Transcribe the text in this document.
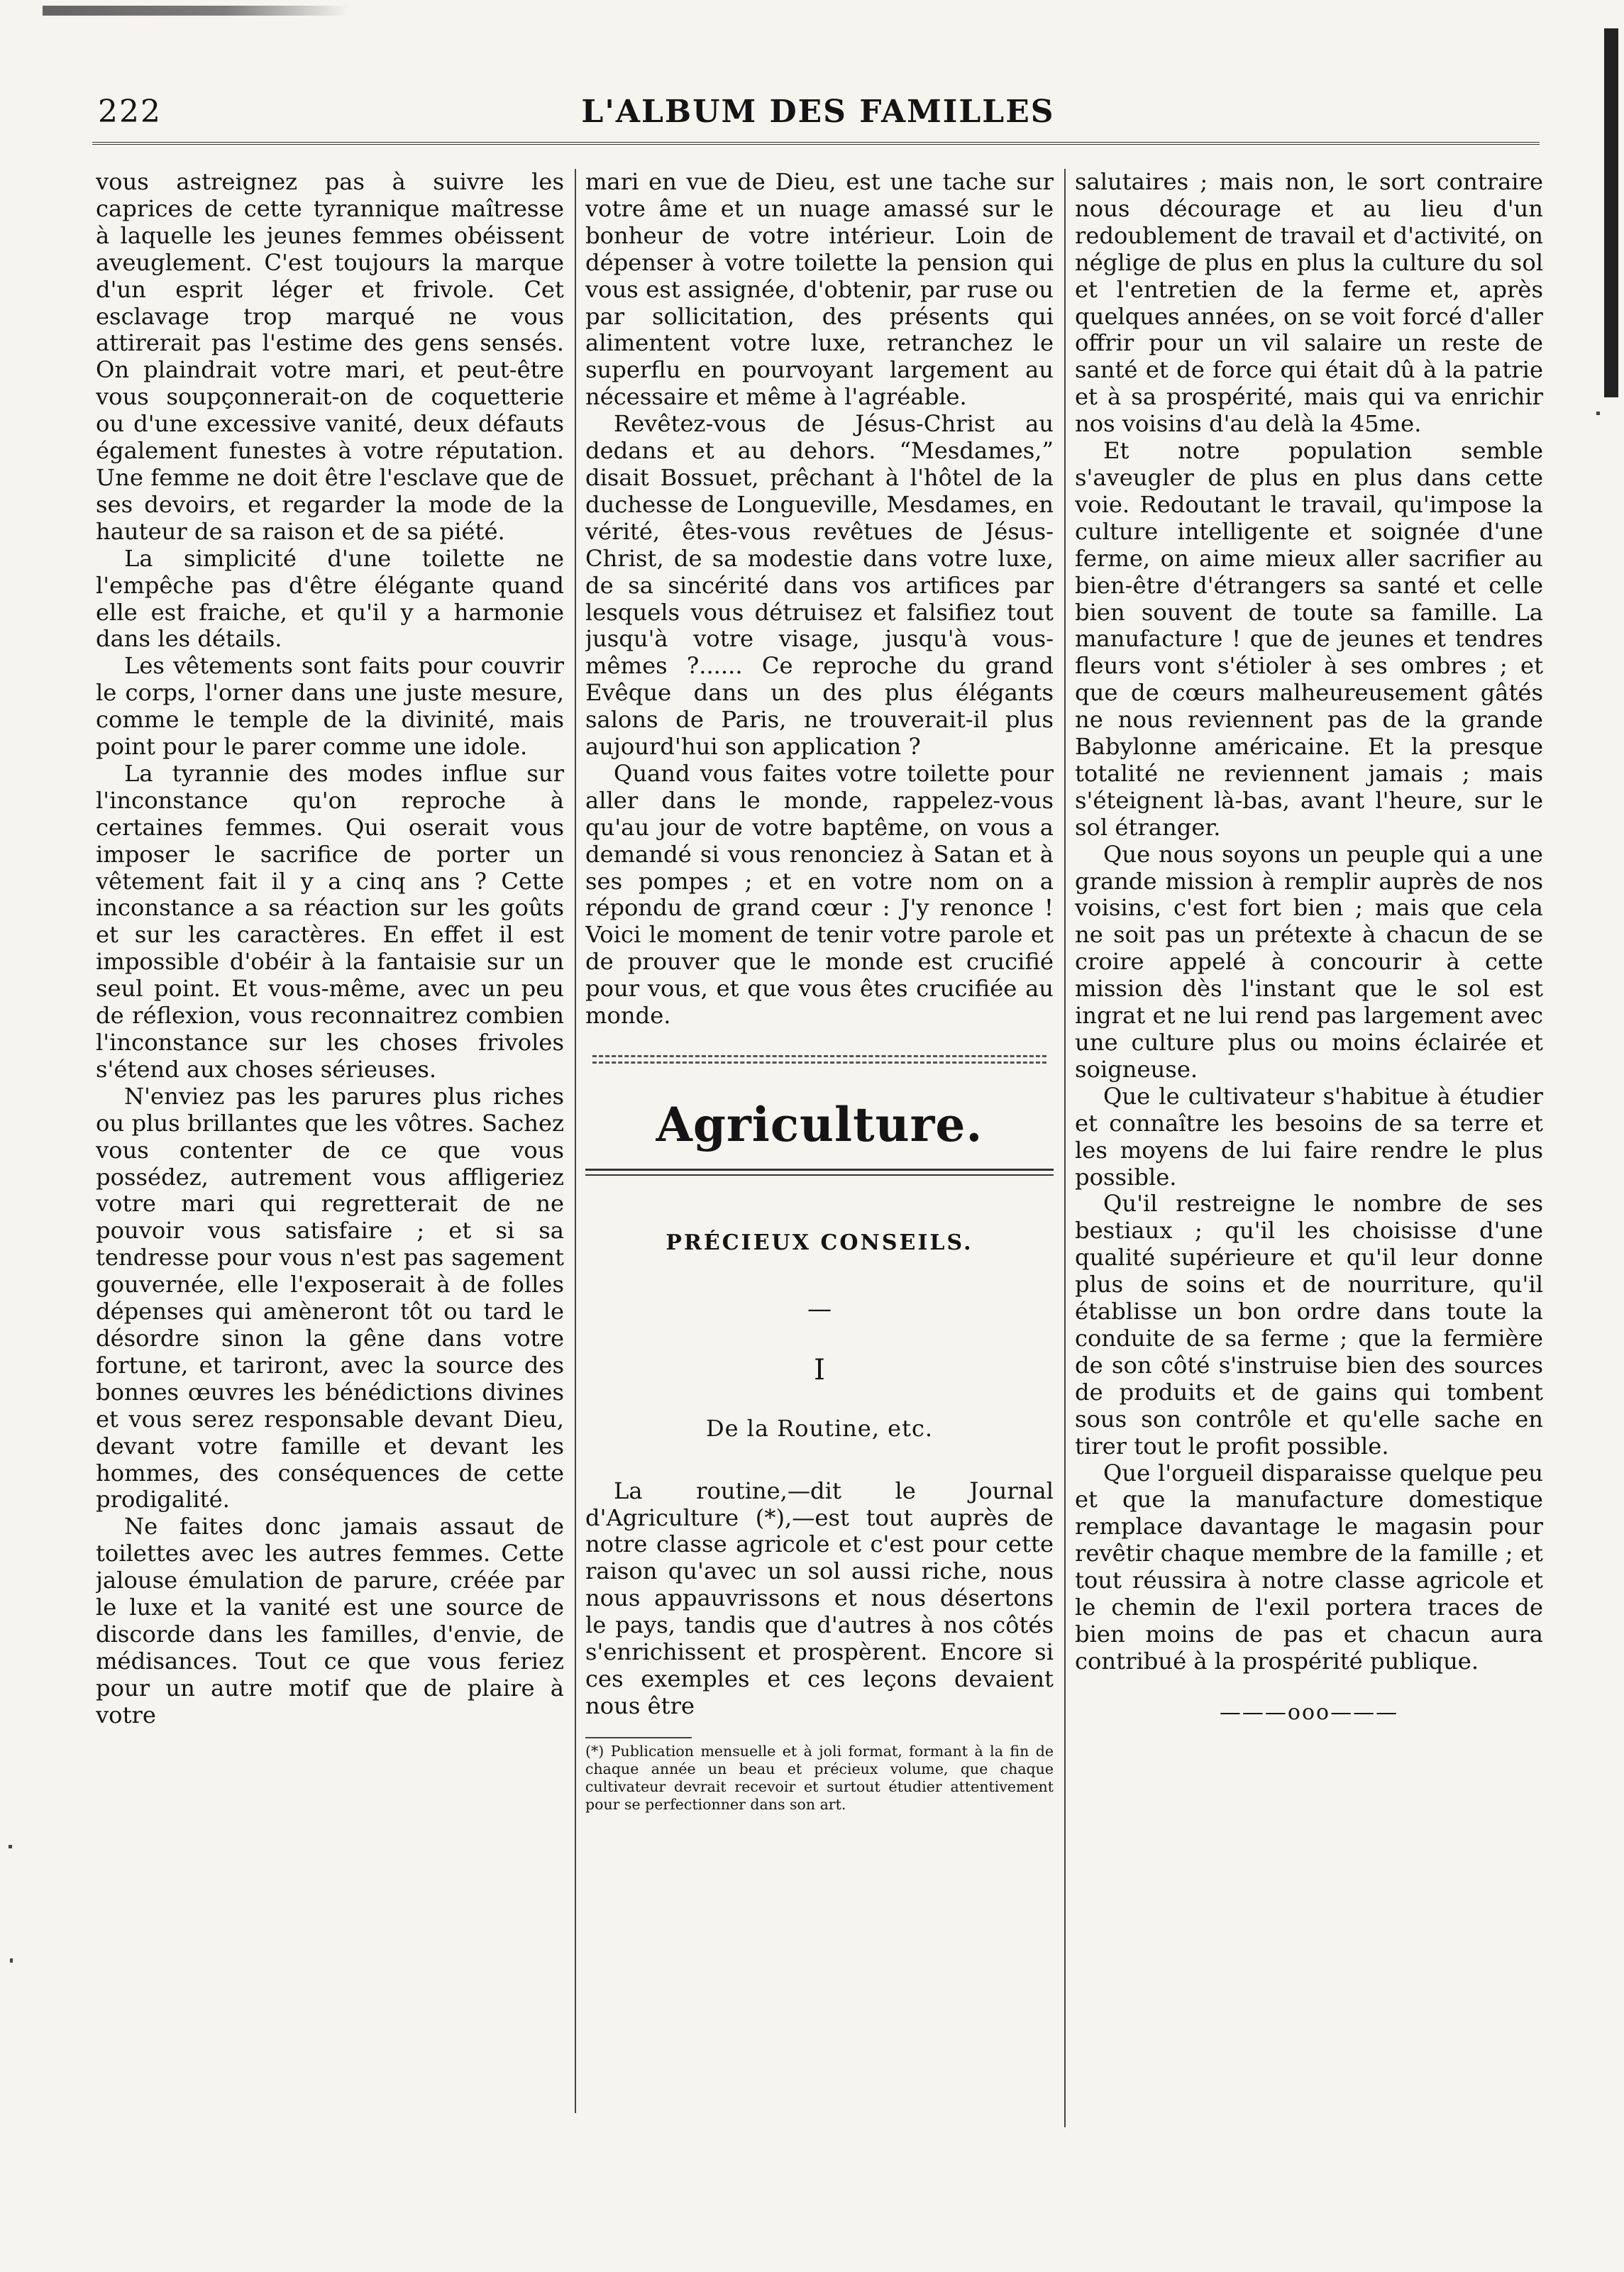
222	L'ALBUM DES FAMILLES

vous astreignez pas à suivre les caprices de cette tyrannique maîtresse à laquelle les jeunes femmes obéissent aveuglement. C'est toujours la marque d'un esprit léger et frivole. Cet esclavage trop marqué ne vous attirerait pas l'estime des gens sensés. On plaindrait votre mari, et peut-être vous soupçonnerait-on de coquetterie ou d'une excessive vanité, deux défauts également funestes à votre réputation. Une femme ne doit être l'esclave que de ses devoirs, et regarder la mode de la hauteur de sa raison et de sa piété.

La simplicité d'une toilette ne l'empêche pas d'être élégante quand elle est fraiche, et qu'il y a harmonie dans les détails.

Les vêtements sont faits pour couvrir le corps, l'orner dans une juste mesure, comme le temple de la divinité, mais point pour le parer comme une idole.

La tyrannie des modes influe sur l'inconstance qu'on reproche à certaines femmes. Qui oserait vous imposer le sacrifice de porter un vêtement fait il y a cinq ans ? Cette inconstance a sa réaction sur les goûts et sur les caractères. En effet il est impossible d'obéir à la fantaisie sur un seul point. Et vous-même, avec un peu de réflexion, vous reconnaitrez combien l'inconstance sur les choses frivoles s'étend aux choses sérieuses.

N'enviez pas les parures plus riches ou plus brillantes que les vôtres. Sachez vous contenter de ce que vous possédez, autrement vous affligeriez votre mari qui regretterait de ne pouvoir vous satisfaire ; et si sa tendresse pour vous n'est pas sagement gouvernée, elle l'exposerait à de folles dépenses qui amèneront tôt ou tard le désordre sinon la gêne dans votre fortune, et tariront, avec la source des bonnes œuvres les bénédictions divines et vous serez responsable devant Dieu, devant votre famille et devant les hommes, des conséquences de cette prodigalité.

Ne faites donc jamais assaut de toilettes avec les autres femmes. Cette jalouse émulation de parure, créée par le luxe et la vanité est une source de discorde dans les familles, d'envie, de médisances. Tout ce que vous feriez pour un autre motif que de plaire à votre

mari en vue de Dieu, est une tache sur votre âme et un nuage amassé sur le bonheur de votre intérieur. Loin de dépenser à votre toilette la pension qui vous est assignée, d'obtenir, par ruse ou par sollicitation, des présents qui alimentent votre luxe, retranchez le superflu en pourvoyant largement au nécessaire et même à l'agréable.

Revêtez-vous de Jésus-Christ au dedans et au dehors. “Mesdames,” disait Bossuet, prêchant à l'hôtel de la duchesse de Longueville, Mesdames, en vérité, êtes-vous revêtues de Jésus-Christ, de sa modestie dans votre luxe, de sa sincérité dans vos artifices par lesquels vous détruisez et falsifiez tout jusqu'à votre visage, jusqu'à vous-mêmes ?...... Ce reproche du grand Evêque dans un des plus élégants salons de Paris, ne trouverait-il plus aujourd'hui son application ?

Quand vous faites votre toilette pour aller dans le monde, rappelez-vous qu'au jour de votre baptême, on vous a demandé si vous renonciez à Satan et à ses pompes ; et en votre nom on a répondu de grand cœur : J'y renonce ! Voici le moment de tenir votre parole et de prouver que le monde est crucifié pour vous, et que vous êtes crucifiée au monde.

Agriculture.
PRÉCIEUX CONSEILS.
—
I
De la Routine, etc.

La routine,—dit le Journal d'Agriculture (*),—est tout auprès de notre classe agricole et c'est pour cette raison qu'avec un sol aussi riche, nous nous appauvrissons et nous désertons le pays, tandis que d'autres à nos côtés s'enrichissent et prospèrent. Encore si ces exemples et ces leçons devaient nous être

(*) Publication mensuelle et à joli format, formant à la fin de chaque année un beau et précieux volume, que chaque cultivateur devrait recevoir et surtout étudier attentivement pour se perfectionner dans son art.

salutaires ; mais non, le sort contraire nous décourage et au lieu d'un redoublement de travail et d'activité, on néglige de plus en plus la culture du sol et l'entretien de la ferme et, après quelques années, on se voit forcé d'aller offrir pour un vil salaire un reste de santé et de force qui était dû à la patrie et à sa prospérité, mais qui va enrichir nos voisins d'au delà la 45me.

Et notre population semble s'aveugler de plus en plus dans cette voie. Redoutant le travail, qu'impose la culture intelligente et soignée d'une ferme, on aime mieux aller sacrifier au bien-être d'étrangers sa santé et celle bien souvent de toute sa famille. La manufacture ! que de jeunes et tendres fleurs vont s'étioler à ses ombres ; et que de cœurs malheureusement gâtés ne nous reviennent pas de la grande Babylonne américaine. Et la presque totalité ne reviennent jamais ; mais s'éteignent là-bas, avant l'heure, sur le sol étranger.

Que nous soyons un peuple qui a une grande mission à remplir auprès de nos voisins, c'est fort bien ; mais que cela ne soit pas un prétexte à chacun de se croire appelé à concourir à cette mission dès l'instant que le sol est ingrat et ne lui rend pas largement avec une culture plus ou moins éclairée et soigneuse.

Que le cultivateur s'habitue à étudier et connaître les besoins de sa terre et les moyens de lui faire rendre le plus possible.

Qu'il restreigne le nombre de ses bestiaux ; qu'il les choisisse d'une qualité supérieure et qu'il leur donne plus de soins et de nourriture, qu'il établisse un bon ordre dans toute la conduite de sa ferme ; que la fermière de son côté s'instruise bien des sources de produits et de gains qui tombent sous son contrôle et qu'elle sache en tirer tout le profit possible.

Que l'orgueil disparaisse quelque peu et que la manufacture domestique remplace davantage le magasin pour revêtir chaque membre de la famille ; et tout réussira à notre classe agricole et le chemin de l'exil portera traces de bien moins de pas et chacun aura contribué à la prospérité publique.

———ooo———
